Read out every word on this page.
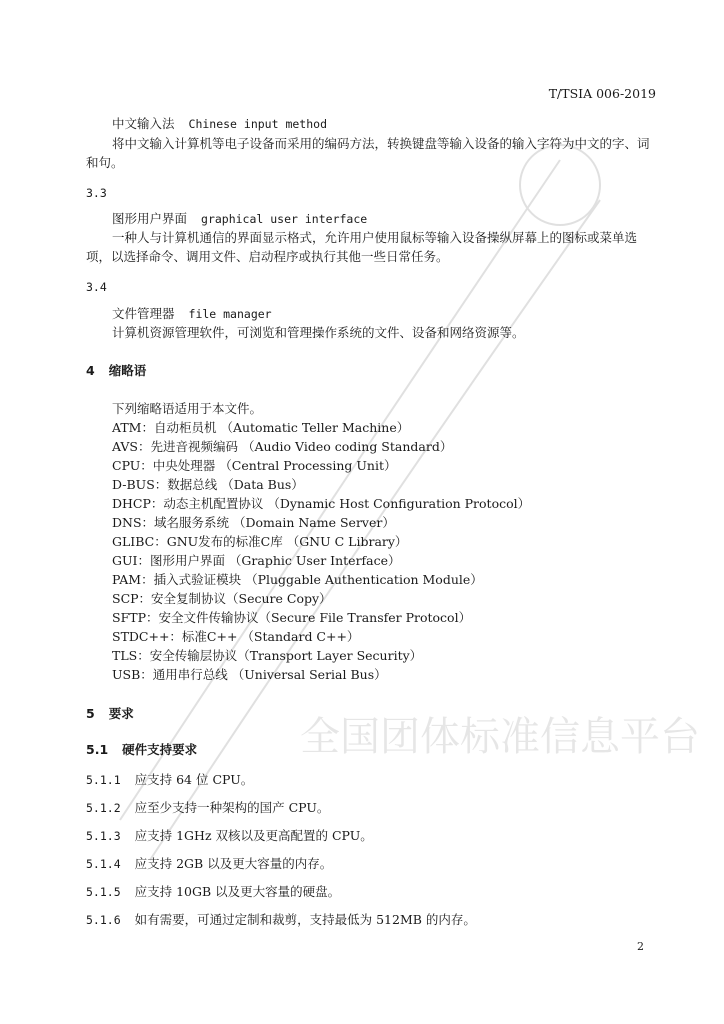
全国团体标准信息平台
T/TSIA 006-2019
中文输入法 Chinese input method
将中文输入计算机等电子设备而采用的编码方法，转换键盘等输入设备的输入字符为中文的字、词
和句。
3.3
图形用户界面 graphical user interface
一种人与计算机通信的界面显示格式，允许用户使用鼠标等输入设备操纵屏幕上的图标或菜单选
项，以选择命令、调用文件、启动程序或执行其他一些日常任务。
3.4
文件管理器 file manager
计算机资源管理软件，可浏览和管理操作系统的文件、设备和网络资源等。
4 缩略语
下列缩略语适用于本文件。
ATM：自动柜员机 （Automatic Teller Machine）
AVS：先进音视频编码 （Audio Video coding Standard）
CPU：中央处理器 （Central Processing Unit）
D-BUS：数据总线 （Data Bus）
DHCP：动态主机配置协议 （Dynamic Host Configuration Protocol）
DNS：域名服务系统 （Domain Name Server）
GLIBC：GNU发布的标准C库 （GNU C Library）
GUI：图形用户界面 （Graphic User Interface）
PAM：插入式验证模块 （Pluggable Authentication Module）
SCP：安全复制协议（Secure Copy）
SFTP：安全文件传输协议（Secure File Transfer Protocol）
STDC++：标准C++ （Standard C++）
TLS：安全传输层协议（Transport Layer Security）
USB：通用串行总线 （Universal Serial Bus）
5 要求
5.1 硬件支持要求
5.1.1 应支持 64 位 CPU。
5.1.2 应至少支持一种架构的国产 CPU。
5.1.3 应支持 1GHz 双核以及更高配置的 CPU。
5.1.4 应支持 2GB 以及更大容量的内存。
5.1.5 应支持 10GB 以及更大容量的硬盘。
5.1.6 如有需要，可通过定制和裁剪，支持最低为 512MB 的内存。
2
